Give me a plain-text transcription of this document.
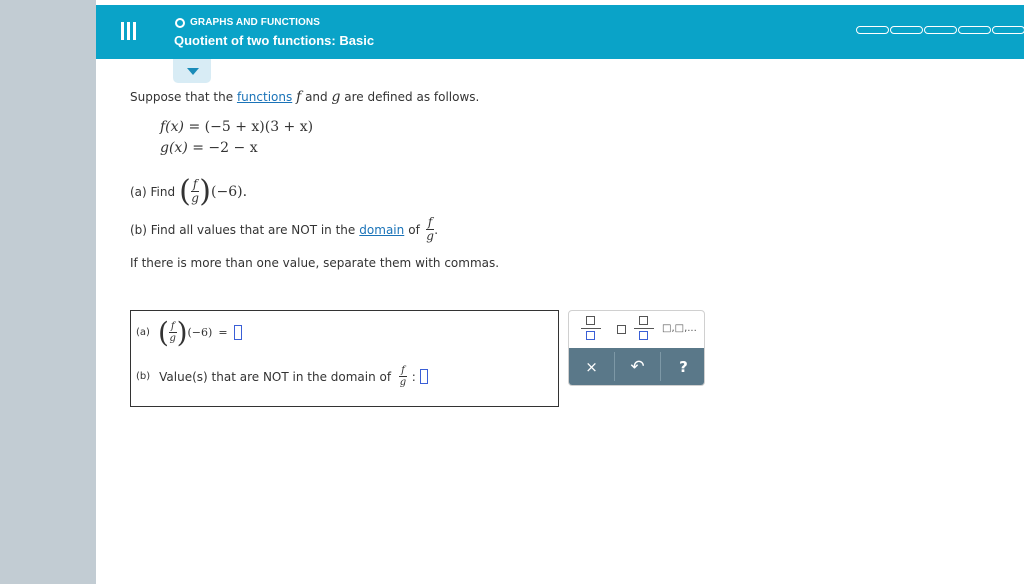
GRAPHS AND FUNCTIONS
Quotient of two functions: Basic
Suppose that the functions f and g are defined as follows.
f(x) = (−5 + x)(3 + x)
g(x) = −2 − x
(a) Find ( $\frac{f}{g}$ ) (−6).
(b) Find all values that are NOT in the domain of $\frac{f}{g}$ .
If there is more than one value, separate them with commas.
(a) ( $\frac{f}{g}$ ) (−6) =
(b) Value(s) that are NOT in the domain of $\frac{f}{g}$ :
□,□,...
×	↶	?
